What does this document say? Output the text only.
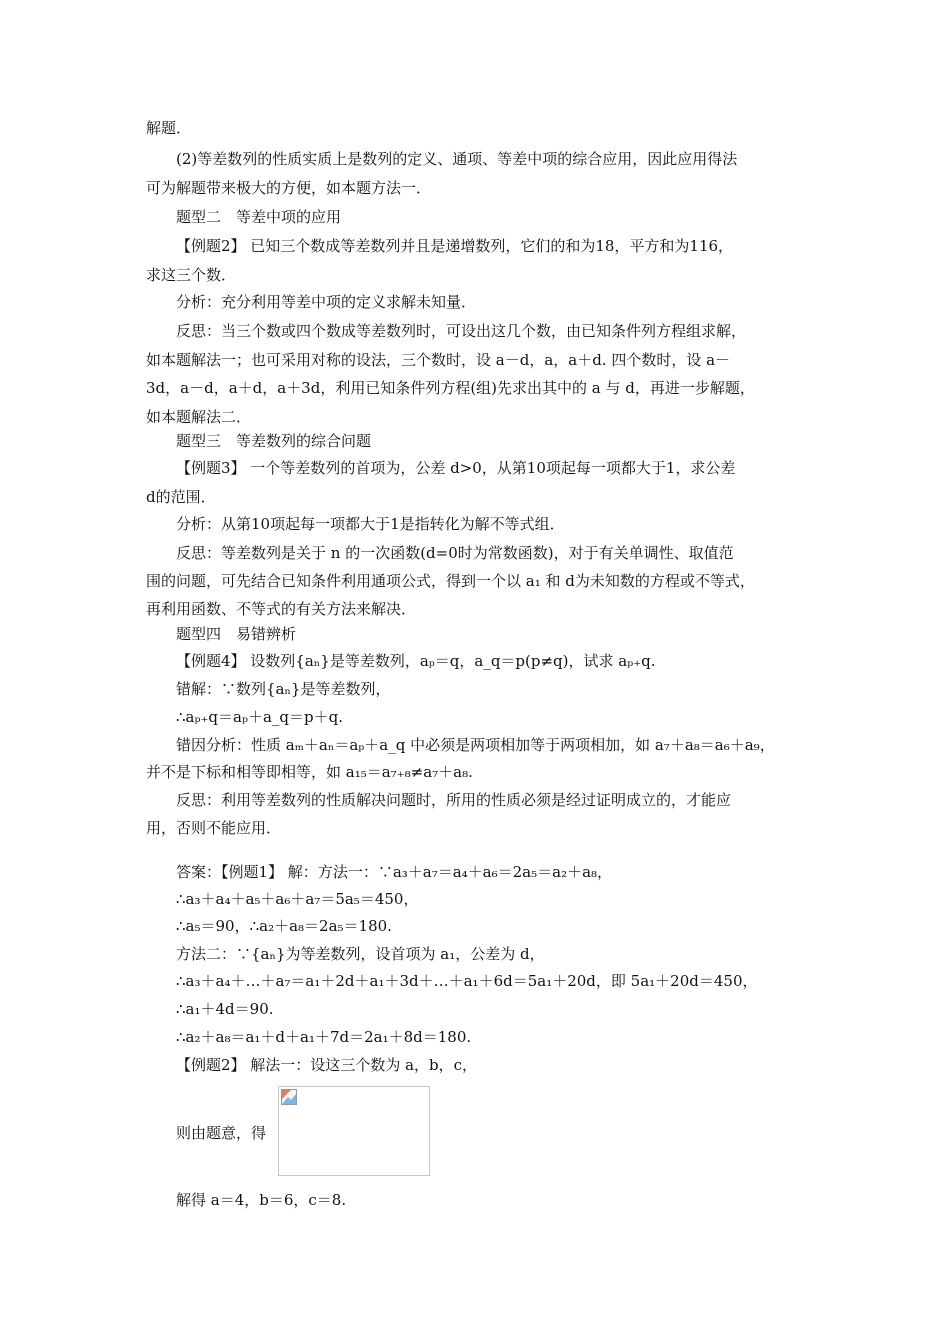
解题．
(2)等差数列的性质实质上是数列的定义、通项、等差中项的综合应用，因此应用得法
可为解题带来极大的方便，如本题方法一．
题型二　等差中项的应用
【例题2】 已知三个数成等差数列并且是递增数列，它们的和为18，平方和为116，
求这三个数．
分析：充分利用等差中项的定义求解未知量．
反思：当三个数或四个数成等差数列时，可设出这几个数，由已知条件列方程组求解，
如本题解法一；也可采用对称的设法，三个数时，设 a－d，a，a＋d. 四个数时，设 a－
3d，a－d，a＋d，a＋3d，利用已知条件列方程(组)先求出其中的 a 与 d，再进一步解题，
如本题解法二．
题型三　等差数列的综合问题
【例题3】 一个等差数列的首项为，公差 d>0，从第10项起每一项都大于1，求公差
d的范围．
分析：从第10项起每一项都大于1是指转化为解不等式组．
反思：等差数列是关于 n 的一次函数(d=0时为常数函数)，对于有关单调性、取值范
围的问题，可先结合已知条件利用通项公式，得到一个以 a₁ 和 d为未知数的方程或不等式，
再利用函数、不等式的有关方法来解决．
题型四　易错辨析
【例题4】 设数列{aₙ}是等差数列，aₚ＝q，a_q＝p(p≠q)，试求 aₚ₊q.
错解：∵数列{aₙ}是等差数列，
∴aₚ₊q＝aₚ＋a_q＝p＋q.
错因分析：性质 aₘ＋aₙ＝aₚ＋a_q 中必须是两项相加等于两项相加，如 a₇＋a₈＝a₆＋a₉，
并不是下标和相等即相等，如 a₁₅＝a₇₊₈≠a₇＋a₈.
反思：利用等差数列的性质解决问题时，所用的性质必须是经过证明成立的，才能应
用，否则不能应用．
答案：【例题1】 解：方法一：∵a₃＋a₇＝a₄＋a₆＝2a₅＝a₂＋a₈，
∴a₃＋a₄＋a₅＋a₆＋a₇＝5a₅＝450，
∴a₅＝90，∴a₂＋a₈＝2a₅＝180.
方法二：∵{aₙ}为等差数列，设首项为 a₁，公差为 d，
∴a₃＋a₄＋…＋a₇＝a₁＋2d＋a₁＋3d＋…＋a₁＋6d＝5a₁＋20d，即 5a₁＋20d＝450，
∴a₁＋4d＝90.
∴a₂＋a₈＝a₁＋d＋a₁＋7d＝2a₁＋8d＝180.
【例题2】 解法一：设这三个数为 a，b，c，
则由题意，得
解得 a＝4，b＝6，c＝8.
